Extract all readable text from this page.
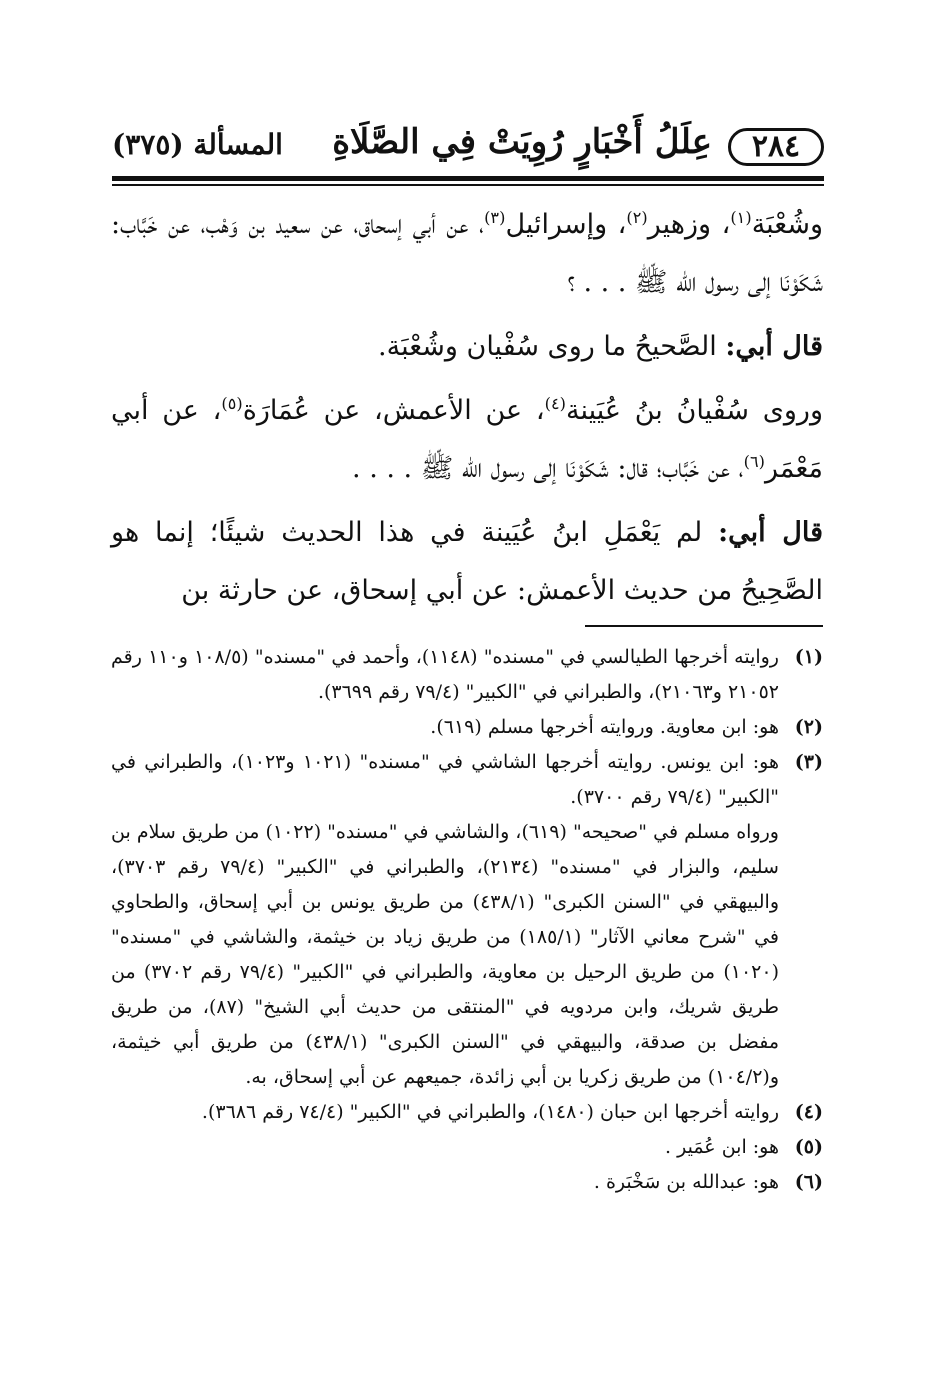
٢٨٤
عِلَلُ أَخْبَارٍ رُوِيَتْ فِي الصَّلَاةِ
المسألة (٣٧٥)

وشُعْبَة$^{(١)}$، وزهير$^{(٢)}$، وإسرائيل$^{(٣)}$، عن أبي إسحاق، عن سعيد بن وَهْب، عن خَبَّاب: شَكَوْنَا إلى رسول الله ﷺ . . . ؟

قال أبي: الصَّحيحُ ما روى سُفْيان وشُعْبَة.

وروى سُفْيانُ بنُ عُيَينة$^{(٤)}$، عن الأعمش، عن عُمَارَة$^{(٥)}$، عن أبي مَعْمَر$^{(٦)}$، عن خَبَّاب؛ قال: شَكَوْنَا إلى رسول الله ﷺ . . . .

قال أبي: لم يَعْمَلِ ابنُ عُيَينة في هذا الحديث شيئًا؛ إنما هو الصَّحِيحُ من حديث الأعمش: عن أبي إسحاق، عن حارثة بن

(١)
روايته أخرجها الطيالسي في "مسنده" (١١٤٨)، وأحمد في "مسنده" (١٠٨/٥ و١١٠ رقم ٢١٠٥٢ و٢١٠٦٣)، والطبراني في "الكبير" (٧٩/٤ رقم ٣٦٩٩).
(٢)
هو: ابن معاوية. وروايته أخرجها مسلم (٦١٩).
(٣)

هو: ابن يونس. روايته أخرجها الشاشي في "مسنده" (١٠٢١ و١٠٢٣)، والطبراني في "الكبير" (٧٩/٤ رقم ٣٧٠٠).

ورواه مسلم في "صحيحه" (٦١٩)، والشاشي في "مسنده" (١٠٢٢) من طريق سلام بن سليم، والبزار في "مسنده" (٢١٣٤)، والطبراني في "الكبير" (٧٩/٤ رقم ٣٧٠٣)، والبيهقي في "السنن الكبرى" (٤٣٨/١) من طريق يونس بن أبي إسحاق، والطحاوي في "شرح معاني الآثار" (١٨٥/١) من طريق زياد بن خيثمة، والشاشي في "مسنده" (١٠٢٠) من طريق الرحيل بن معاوية، والطبراني في "الكبير" (٧٩/٤ رقم ٣٧٠٢) من طريق شريك، وابن مردويه في "المنتقى من حديث أبي الشيخ" (٨٧)، من طريق مفضل بن صدقة، والبيهقي في "السنن الكبرى" (٤٣٨/١) من طريق أبي خيثمة، و(١٠٤/٢) من طريق زكريا بن أبي زائدة، جميعهم عن أبي إسحاق، به.

(٤)
روايته أخرجها ابن حبان (١٤٨٠)، والطبراني في "الكبير" (٧٤/٤ رقم ٣٦٨٦).
(٥)
هو: ابن عُمَير .
(٦)
هو: عبدالله بن سَخْبَرة .
